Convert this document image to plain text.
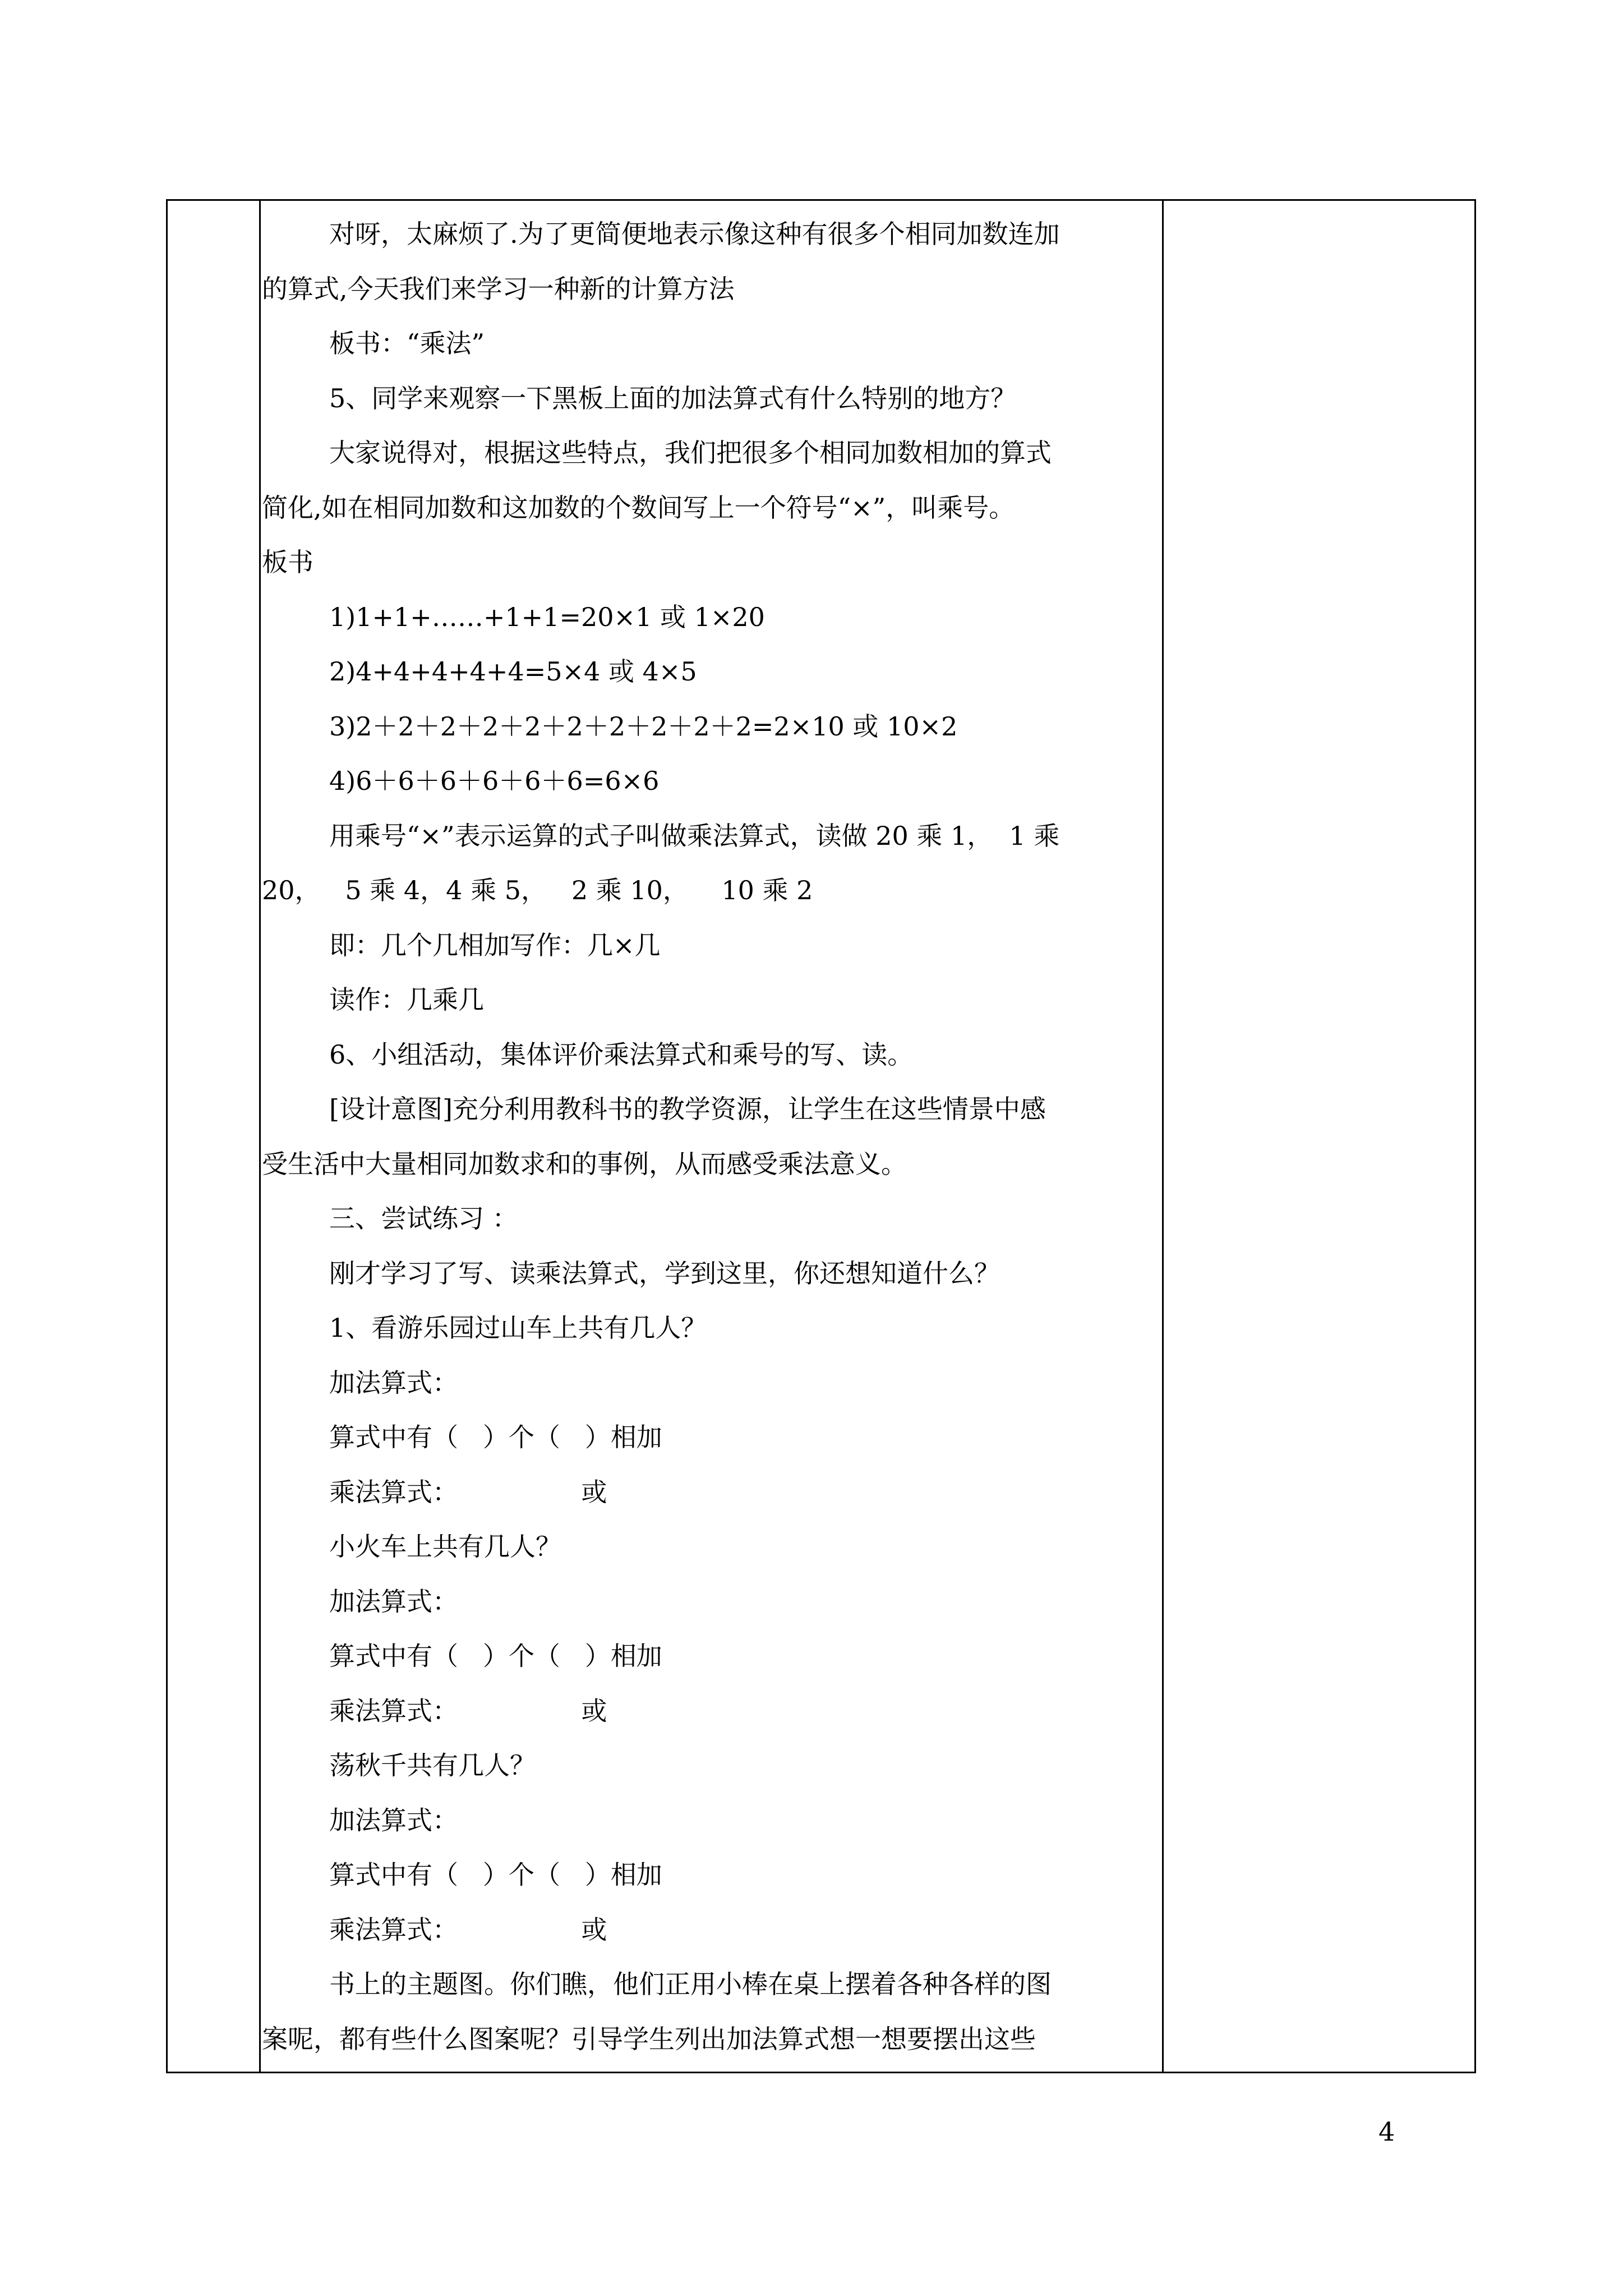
对呀，太麻烦了.为了更简便地表示像这种有很多个相同加数连加
的算式,今天我们来学习一种新的计算方法
板书：“乘法”
5、同学来观察一下黑板上面的加法算式有什么特别的地方？
大家说得对，根据这些特点，我们把很多个相同加数相加的算式
简化,如在相同加数和这加数的个数间写上一个符号“×”，叫乘号。
板书
1)1+1+……+1+1=20×1 或 1×20
2)4+4+4+4+4=5×4 或 4×5
3)2＋2＋2＋2＋2＋2＋2＋2＋2＋2=2×10 或 10×2
4)6＋6＋6＋6＋6＋6=6×6
用乘号“×”表示运算的式子叫做乘法算式，读做 20 乘 1，  1 乘
20，   5 乘 4，4 乘 5，   2 乘 10，    10 乘 2
即：几个几相加写作：几×几
读作：几乘几
6、小组活动，集体评价乘法算式和乘号的写、读。
[设计意图]充分利用教科书的教学资源，让学生在这些情景中感
受生活中大量相同加数求和的事例，从而感受乘法意义。
三、尝试练习 ：
刚才学习了写、读乘法算式，学到这里，你还想知道什么？
1、看游乐园过山车上共有几人？
加法算式：
算式中有（   ）个（   ）相加
乘法算式：               或
小火车上共有几人？
加法算式：
算式中有（   ）个（   ）相加
乘法算式：               或
荡秋千共有几人？
加法算式：
算式中有（   ）个（   ）相加
乘法算式：               或
书上的主题图。你们瞧，他们正用小棒在桌上摆着各种各样的图
案呢，都有些什么图案呢？引导学生列出加法算式想一想要摆出这些
4
